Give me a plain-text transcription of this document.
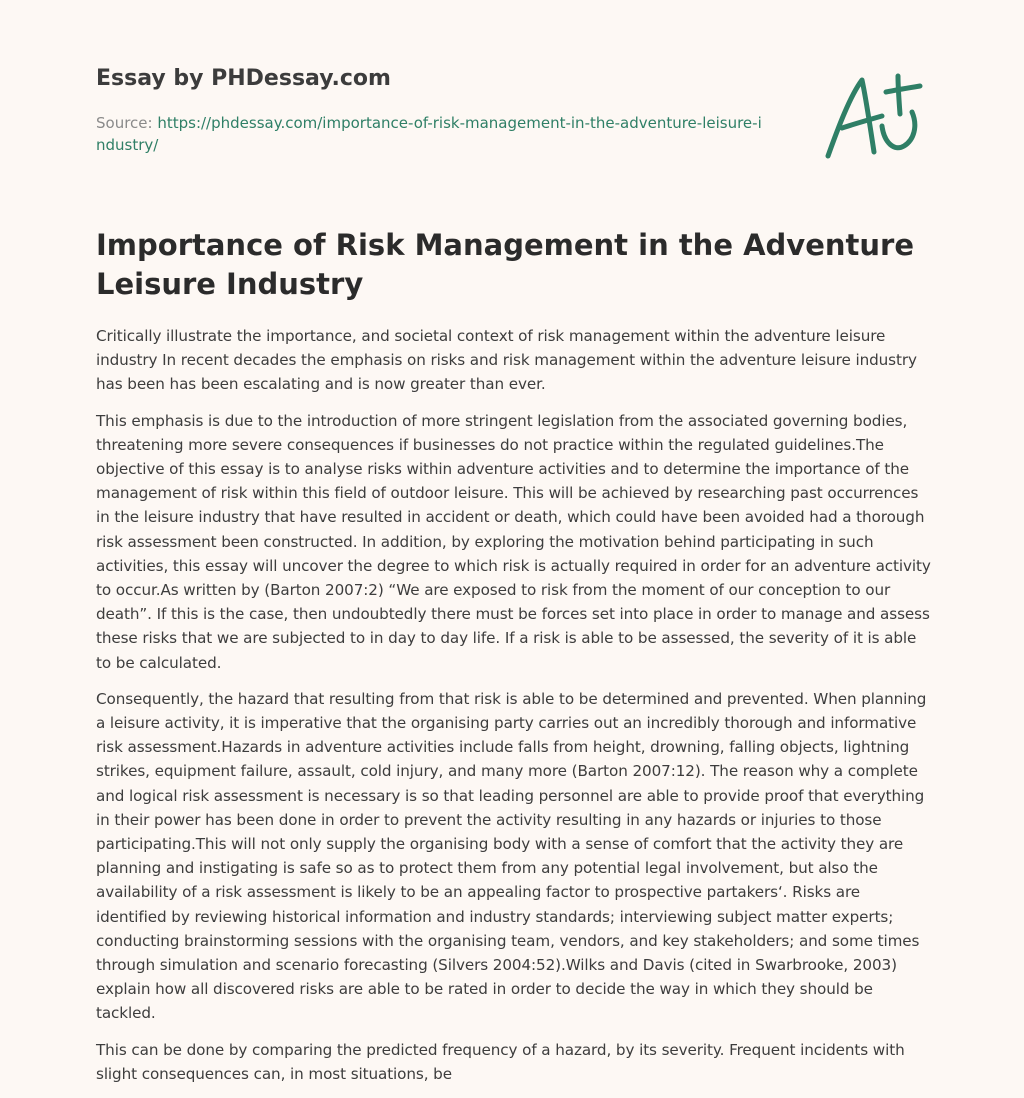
Essay by PHDessay.com
Source: https://phdessay.com/importance-of-risk-management-in-the-adventure-leisure-industry/
Importance of Risk Management in the Adventure Leisure Industry

Critically illustrate the importance, and societal context of risk management within the adventure leisure industry In recent decades the emphasis on risks and risk management within the adventure leisure industry has been has been escalating and is now greater than ever.

This emphasis is due to the introduction of more stringent legislation from the associated governing bodies, threatening more severe consequences if businesses do not practice within the regulated guidelines.The objective of this essay is to analyse risks within adventure activities and to determine the importance of the management of risk within this field of outdoor leisure. This will be achieved by researching past occurrences in the leisure industry that have resulted in accident or death, which could have been avoided had a thorough risk assessment been constructed. In addition, by exploring the motivation behind participating in such activities, this essay will uncover the degree to which risk is actually required in order for an adventure activity to occur.As written by (Barton 2007:2) “We are exposed to risk from the moment of our conception to our death”. If this is the case, then undoubtedly there must be forces set into place in order to manage and assess these risks that we are subjected to in day to day life. If a risk is able to be assessed, the severity of it is able to be calculated.

Consequently, the hazard that resulting from that risk is able to be determined and prevented. When planning a leisure activity, it is imperative that the organising party carries out an incredibly thorough and informative risk assessment.Hazards in adventure activities include falls from height, drowning, falling objects, lightning strikes, equipment failure, assault, cold injury, and many more (Barton 2007:12). The reason why a complete and logical risk assessment is necessary is so that leading personnel are able to provide proof that everything in their power has been done in order to prevent the activity resulting in any hazards or injuries to those participating.This will not only supply the organising body with a sense of comfort that the activity they are planning and instigating is safe so as to protect them from any potential legal involvement, but also the availability of a risk assessment is likely to be an appealing factor to prospective partakers‘. Risks are identified by reviewing historical information and industry standards; interviewing subject matter experts; conducting brainstorming sessions with the organising team, vendors, and key stakeholders; and some times through simulation and scenario forecasting (Silvers 2004:52).Wilks and Davis (cited in Swarbrooke, 2003) explain how all discovered risks are able to be rated in order to decide the way in which they should be tackled.

This can be done by comparing the predicted frequency of a hazard, by its severity. Frequent incidents with slight consequences can, in most situations, be
